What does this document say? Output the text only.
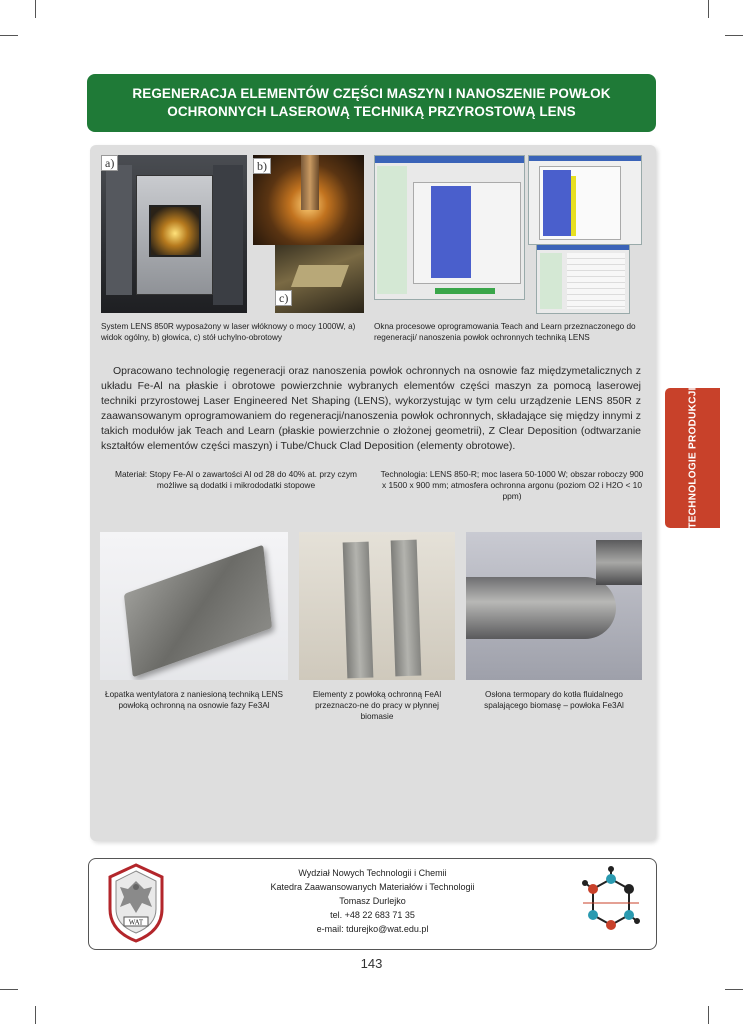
REGENERACJA ELEMENTÓW CZĘŚCI MASZYN I NANOSZENIE POWŁOK
OCHRONNYCH LASEROWĄ TECHNIKĄ PRZYROSTOWĄ LENS
a)	b)
c)
System LENS 850R wyposażony w laser włóknowy o mocy 1000W, a) widok ogólny, b) głowica, c) stół uchylno-obrotowy
Okna procesowe oprogramowania Teach and Learn przeznaczonego do regeneracji/ nanoszenia powłok ochronnych techniką LENS
Opracowano technologię regeneracji oraz nanoszenia powłok ochronnych na osnowie faz międzymetalicznych z układu Fe-Al na płaskie i obrotowe powierzchnie wybranych elementów części maszyn za pomocą laserowej techniki przyrostowej Laser Engineered Net Shaping (LENS), wykorzystując w tym celu urządzenie LENS 850R z zaawansowanym oprogramowaniem do regeneracji/nanoszenia powłok ochronnych, składające się między innymi z takich modułów jak Teach and Learn (płaskie powierzchnie o złożonej geometrii), Z Clear Deposition (odtwarzanie kształtów elementów części maszyn) i Tube/Chuck Clad Deposition (elementy obrotowe).
Materiał: Stopy Fe-Al o zawartości Al od 28 do 40% at. przy czym możliwe są dodatki i mikrododatki stopowe
Technologia: LENS 850-R; moc lasera 50-1000 W; obszar roboczy 900 x 1500 x 900 mm; atmosfera ochronna argonu (poziom O2 i H2O < 10 ppm)
Łopatka wentylatora z naniesioną techniką LENS powłoką ochronną na osnowie fazy Fe3Al
Elementy z powłoką ochronną FeAl przeznaczo-ne do pracy w płynnej biomasie
Osłona termopary do kotła fluidalnego spalającego biomasę – powłoka Fe3Al
TECHNOLOGIE PRODUKCJI
WAT
Wydział Nowych Technologii i Chemii
Katedra Zaawansowanych Materiałów i Technologii
Tomasz Durlejko
tel. +48 22 683 71 35
e-mail: tdurejko@wat.edu.pl
143
